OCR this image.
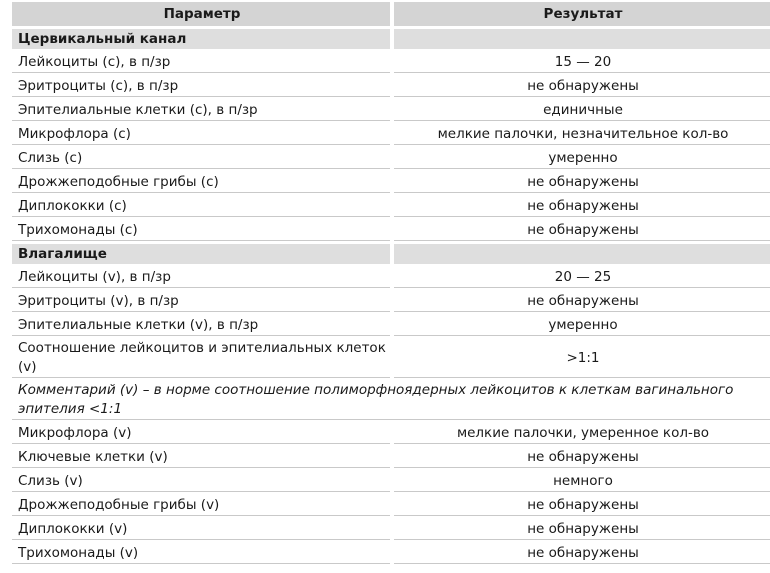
Параметр		Результат
Цервикальный канал		
Лейкоциты (c), в п/зр		15 — 20
Эритроциты (c), в п/зр		не обнаружены
Эпителиальные клетки (c), в п/зр		единичные
Микрофлора (c)		мелкие палочки, незначительное кол-во
Слизь (c)		умеренно
Дрожжеподобные грибы (c)		не обнаружены
Диплококки (c)		не обнаружены
Трихомонады (c)		не обнаружены
Влагалище		
Лейкоциты (v), в п/зр		20 — 25
Эритроциты (v), в п/зр		не обнаружены
Эпителиальные клетки (v), в п/зр		умеренно
Соотношение лейкоцитов и эпителиальных клеток (v)		>1:1
Комментарий (v) – в норме соотношение полиморфноядерных лейкоцитов к клеткам вагинального эпителия <1:1		
Микрофлора (v)		мелкие палочки, умеренное кол-во
Ключевые клетки (v)		не обнаружены
Слизь (v)		немного
Дрожжеподобные грибы (v)		не обнаружены
Диплококки (v)		не обнаружены
Трихомонады (v)		не обнаружены
